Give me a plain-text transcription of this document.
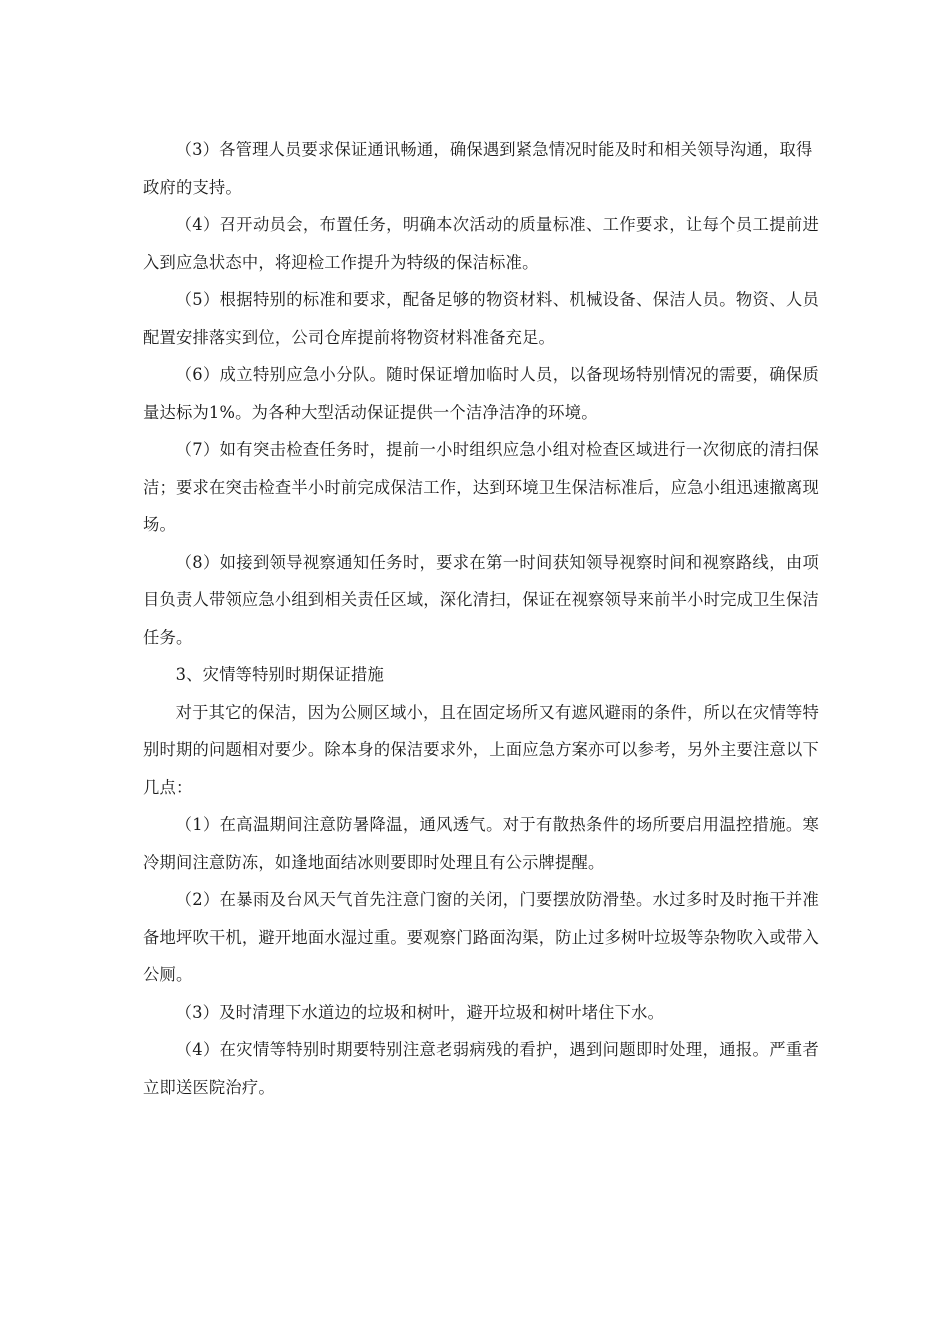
（3）各管理人员要求保证通讯畅通，确保遇到紧急情况时能及时和相关领导沟通，取得政府的支持。

（4）召开动员会，布置任务，明确本次活动的质量标准、工作要求，让每个员工提前进入到应急状态中，将迎检工作提升为特级的保洁标准。

（5）根据特别的标准和要求，配备足够的物资材料、机械设备、保洁人员。物资、人员配置安排落实到位，公司仓库提前将物资材料准备充足。

（6）成立特别应急小分队。随时保证增加临时人员，以备现场特别情况的需要，确保质量达标为1%。为各种大型活动保证提供一个洁净洁净的环境。

（7）如有突击检查任务时，提前一小时组织应急小组对检查区域进行一次彻底的清扫保洁；要求在突击检查半小时前完成保洁工作，达到环境卫生保洁标准后，应急小组迅速撤离现场。

（8）如接到领导视察通知任务时，要求在第一时间获知领导视察时间和视察路线，由项目负责人带领应急小组到相关责任区域，深化清扫，保证在视察领导来前半小时完成卫生保洁任务。

3、灾情等特别时期保证措施

对于其它的保洁，因为公厕区域小，且在固定场所又有遮风避雨的条件，所以在灾情等特别时期的问题相对要少。除本身的保洁要求外，上面应急方案亦可以参考，另外主要注意以下几点：

（1）在高温期间注意防暑降温，通风透气。对于有散热条件的场所要启用温控措施。寒冷期间注意防冻，如逢地面结冰则要即时处理且有公示牌提醒。

（2）在暴雨及台风天气首先注意门窗的关闭，门要摆放防滑垫。水过多时及时拖干并准备地坪吹干机，避开地面水湿过重。要观察门路面沟渠，防止过多树叶垃圾等杂物吹入或带入公厕。

（3）及时清理下水道边的垃圾和树叶，避开垃圾和树叶堵住下水。

（4）在灾情等特别时期要特别注意老弱病残的看护，遇到问题即时处理，通报。严重者立即送医院治疗。
